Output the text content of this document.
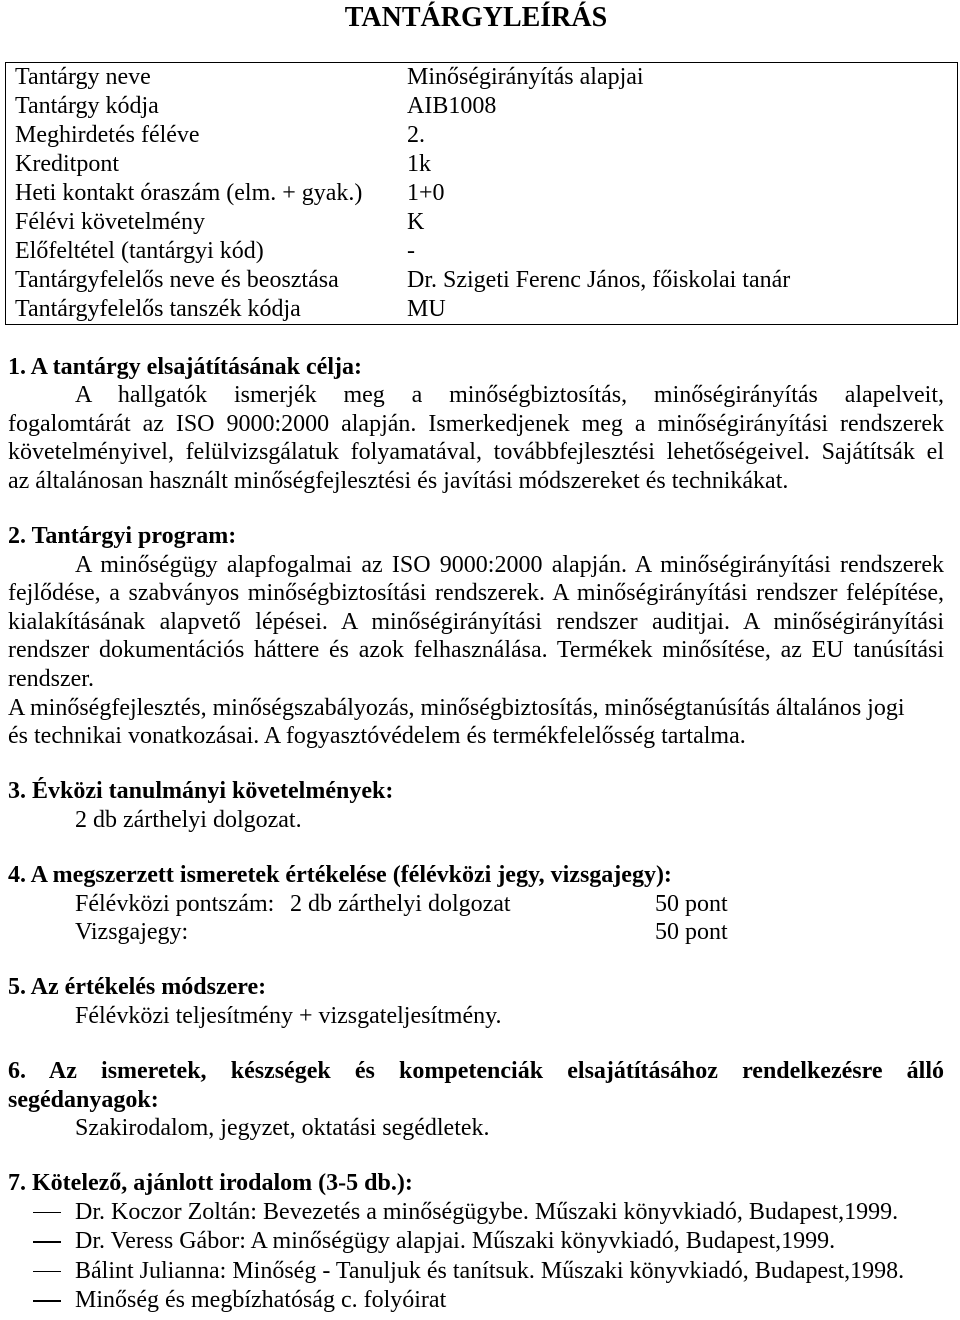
TANTÁRGYLEÍRÁS
Tantárgy neve	Minőségirányítás alapjai
Tantárgy kódja	AIB1008
Meghirdetés féléve	2.
Kreditpont	1k
Heti kontakt óraszám (elm. + gyak.)	1+0
Félévi követelmény	K
Előfeltétel (tantárgyi kód)	-
Tantárgyfelelős neve és beosztása	Dr. Szigeti Ferenc János, főiskolai tanár
Tantárgyfelelős tanszék kódja	MU
1. A tantárgy elsajátításának célja:
A hallgatók ismerjék meg a minőségbiztosítás, minőségirányítás alapelveit,
fogalomtárát az ISO 9000:2000 alapján. Ismerkedjenek meg a minőségirányítási rendszerek
követelményivel, felülvizsgálatuk folyamatával, továbbfejlesztési lehetőségeivel. Sajátítsák el
az általánosan használt minőségfejlesztési és javítási módszereket és technikákat.
2. Tantárgyi program:
A minőségügy alapfogalmai az ISO 9000:2000 alapján. A minőségirányítási rendszerek
fejlődése, a szabványos minőségbiztosítási rendszerek. A minőségirányítási rendszer felépítése,
kialakításának alapvető lépései. A minőségirányítási rendszer auditjai. A minőségirányítási
rendszer dokumentációs háttere és azok felhasználása. Termékek minősítése, az EU tanúsítási
rendszer.
A minőségfejlesztés, minőségszabályozás, minőségbiztosítás, minőségtanúsítás általános jogi
és technikai vonatkozásai. A fogyasztóvédelem és termékfelelősség tartalma.
3. Évközi tanulmányi követelmények:
2 db zárthelyi dolgozat.
4. A megszerzett ismeretek értékelése (félévközi jegy, vizsgajegy):
Félévközi pontszám: 2 db zárthelyi dolgozat	50 pont
Vizsgajegy:	50 pont
5. Az értékelés módszere:
Félévközi teljesítmény + vizsgateljesítmény.
6. Az ismeretek, készségek és kompetenciák elsajátításához rendelkezésre álló segédanyagok:
Szakirodalom, jegyzet, oktatási segédletek.
7. Kötelező, ajánlott irodalom (3-5 db.):
Dr. Koczor Zoltán: Bevezetés a minőségügybe. Műszaki könyvkiadó, Budapest,1999.
Dr. Veress Gábor: A minőségügy alapjai. Műszaki könyvkiadó, Budapest,1999.
Bálint Julianna: Minőség - Tanuljuk és tanítsuk. Műszaki könyvkiadó, Budapest,1998.
Minőség és megbízhatóság c. folyóirat
